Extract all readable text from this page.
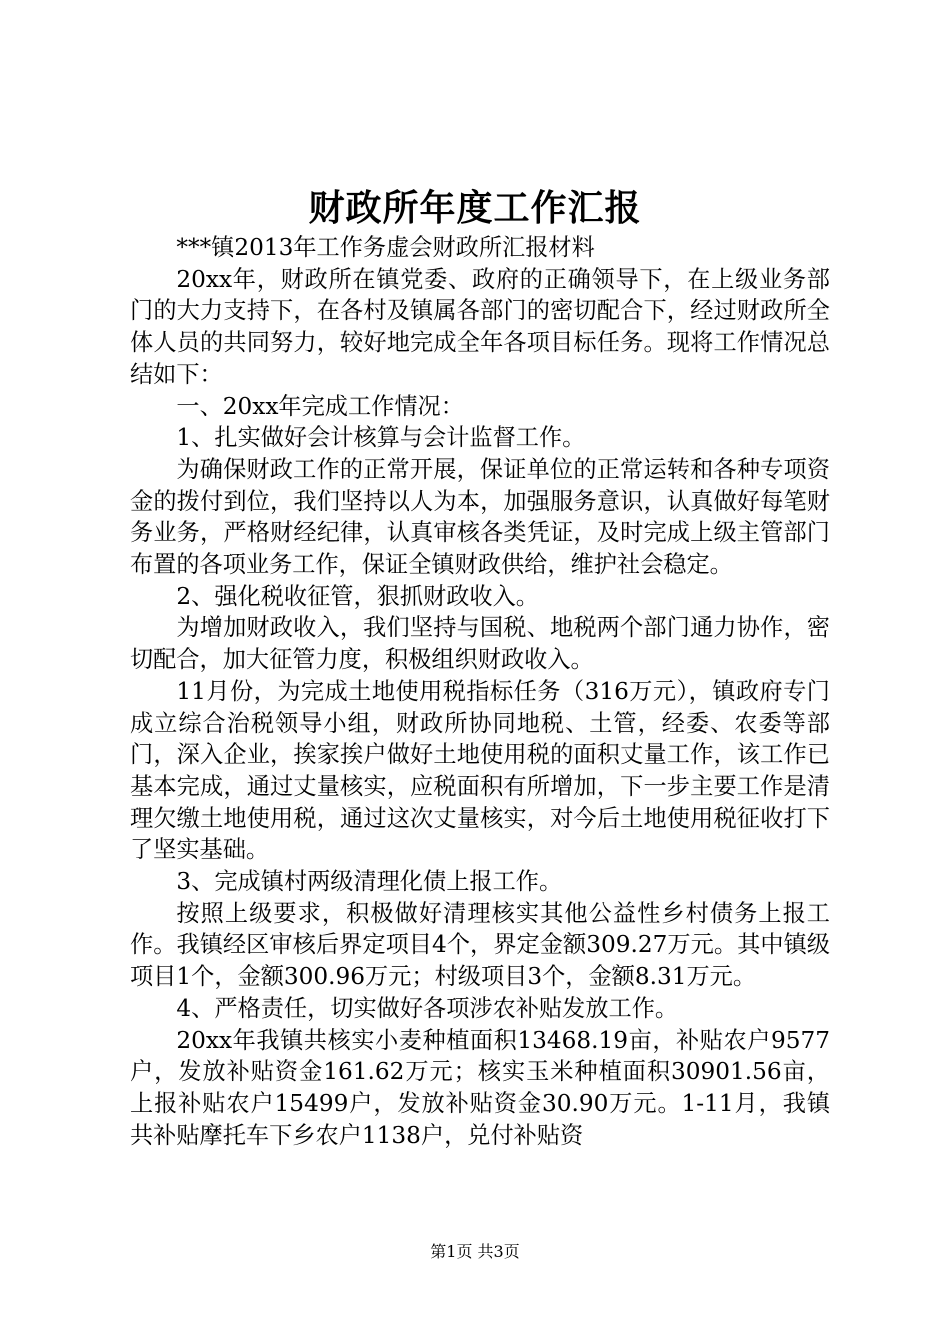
财政所年度工作汇报

***镇2013年工作务虚会财政所汇报材料

20xx年，财政所在镇党委、政府的正确领导下，在上级业务部门的大力支持下，在各村及镇属各部门的密切配合下，经过财政所全体人员的共同努力，较好地完成全年各项目标任务。现将工作情况总结如下：

一、20xx年完成工作情况：

1、扎实做好会计核算与会计监督工作。

为确保财政工作的正常开展，保证单位的正常运转和各种专项资金的拨付到位，我们坚持以人为本，加强服务意识，认真做好每笔财务业务，严格财经纪律，认真审核各类凭证，及时完成上级主管部门布置的各项业务工作，保证全镇财政供给，维护社会稳定。

2、强化税收征管，狠抓财政收入。

为增加财政收入，我们坚持与国税、地税两个部门通力协作，密切配合，加大征管力度，积极组织财政收入。

11月份，为完成土地使用税指标任务（316万元），镇政府专门成立综合治税领导小组，财政所协同地税、土管，经委、农委等部门，深入企业，挨家挨户做好土地使用税的面积丈量工作，该工作已基本完成，通过丈量核实，应税面积有所增加，下一步主要工作是清理欠缴土地使用税，通过这次丈量核实，对今后土地使用税征收打下了坚实基础。

3、完成镇村两级清理化债上报工作。

按照上级要求，积极做好清理核实其他公益性乡村债务上报工作。我镇经区审核后界定项目4个，界定金额309.27万元。其中镇级项目1个，金额300.96万元；村级项目3个，金额8.31万元。

4、严格责任，切实做好各项涉农补贴发放工作。

20xx年我镇共核实小麦种植面积13468.19亩，补贴农户9577户，发放补贴资金161.62万元；核实玉米种植面积30901.56亩，上报补贴农户15499户，发放补贴资金30.90万元。1-11月，我镇共补贴摩托车下乡农户1138户，兑付补贴资

第1页 共3页
